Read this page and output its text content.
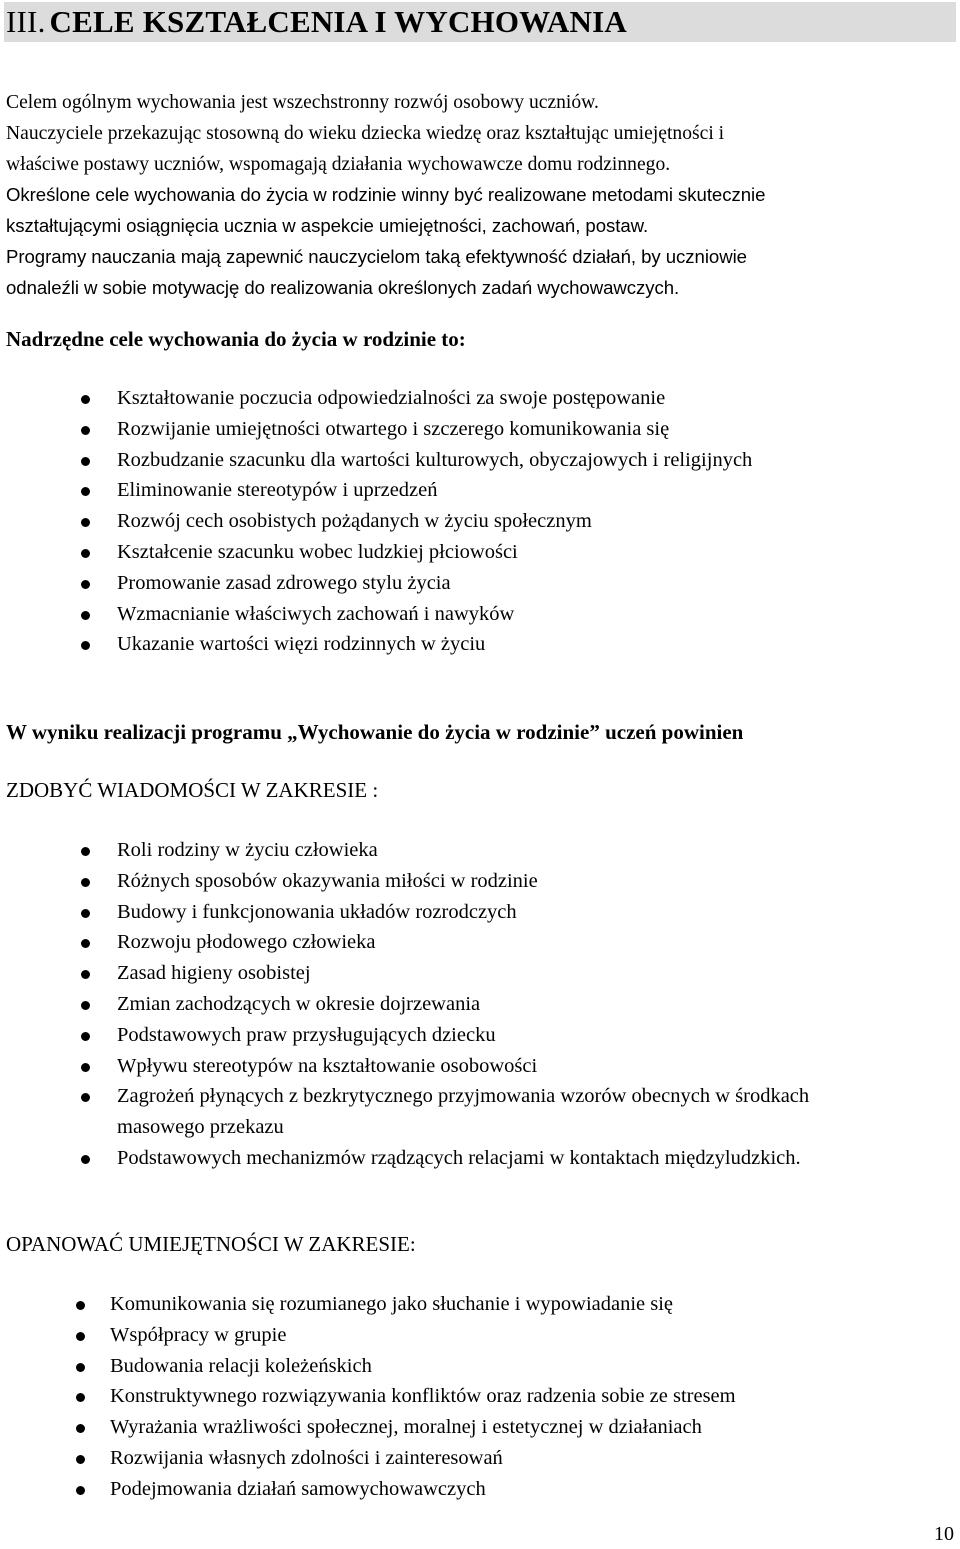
III. CELE KSZTAŁCENIA I WYCHOWANIA

Celem ogólnym wychowania jest wszechstronny rozwój osobowy uczniów.

Nauczyciele przekazując stosowną do wieku dziecka wiedzę oraz kształtując umiejętności i

właściwe postawy uczniów, wspomagają działania wychowawcze domu rodzinnego.

Określone cele wychowania do życia w rodzinie winny być realizowane metodami skutecznie

kształtującymi osiągnięcia ucznia w aspekcie umiejętności, zachowań, postaw.

Programy nauczania mają zapewnić nauczycielom taką efektywność działań, by uczniowie

odnaleźli w sobie motywację do realizowania określonych zadań wychowawczych.

Nadrzędne cele wychowania do życia w rodzinie to:

Kształtowanie poczucia odpowiedzialności za swoje postępowanie
Rozwijanie umiejętności otwartego i szczerego komunikowania się
Rozbudzanie szacunku dla wartości kulturowych, obyczajowych i religijnych
Eliminowanie stereotypów i uprzedzeń
Rozwój cech osobistych pożądanych w życiu społecznym
Kształcenie szacunku wobec ludzkiej płciowości
Promowanie zasad zdrowego stylu życia
Wzmacnianie właściwych zachowań i nawyków
Ukazanie wartości więzi rodzinnych w życiu

W wyniku realizacji programu „Wychowanie do życia w rodzinie” uczeń powinien

ZDOBYĆ WIADOMOŚCI W ZAKRESIE :

Roli rodziny w życiu człowieka
Różnych sposobów okazywania miłości w rodzinie
Budowy i funkcjonowania układów rozrodczych
Rozwoju płodowego człowieka
Zasad higieny osobistej
Zmian zachodzących w okresie dojrzewania
Podstawowych praw przysługujących dziecku
Wpływu stereotypów na kształtowanie osobowości
Zagrożeń płynących z bezkrytycznego przyjmowania wzorów obecnych w środkach masowego przekazu
Podstawowych mechanizmów rządzących relacjami w kontaktach międzyludzkich.

OPANOWAĆ UMIEJĘTNOŚCI W ZAKRESIE:

Komunikowania się rozumianego jako słuchanie i wypowiadanie się
Współpracy w grupie
Budowania relacji koleżeńskich
Konstruktywnego rozwiązywania konfliktów oraz radzenia sobie ze stresem
Wyrażania wrażliwości społecznej, moralnej i estetycznej w działaniach
Rozwijania własnych zdolności i zainteresowań
Podejmowania działań samowychowawczych
10
